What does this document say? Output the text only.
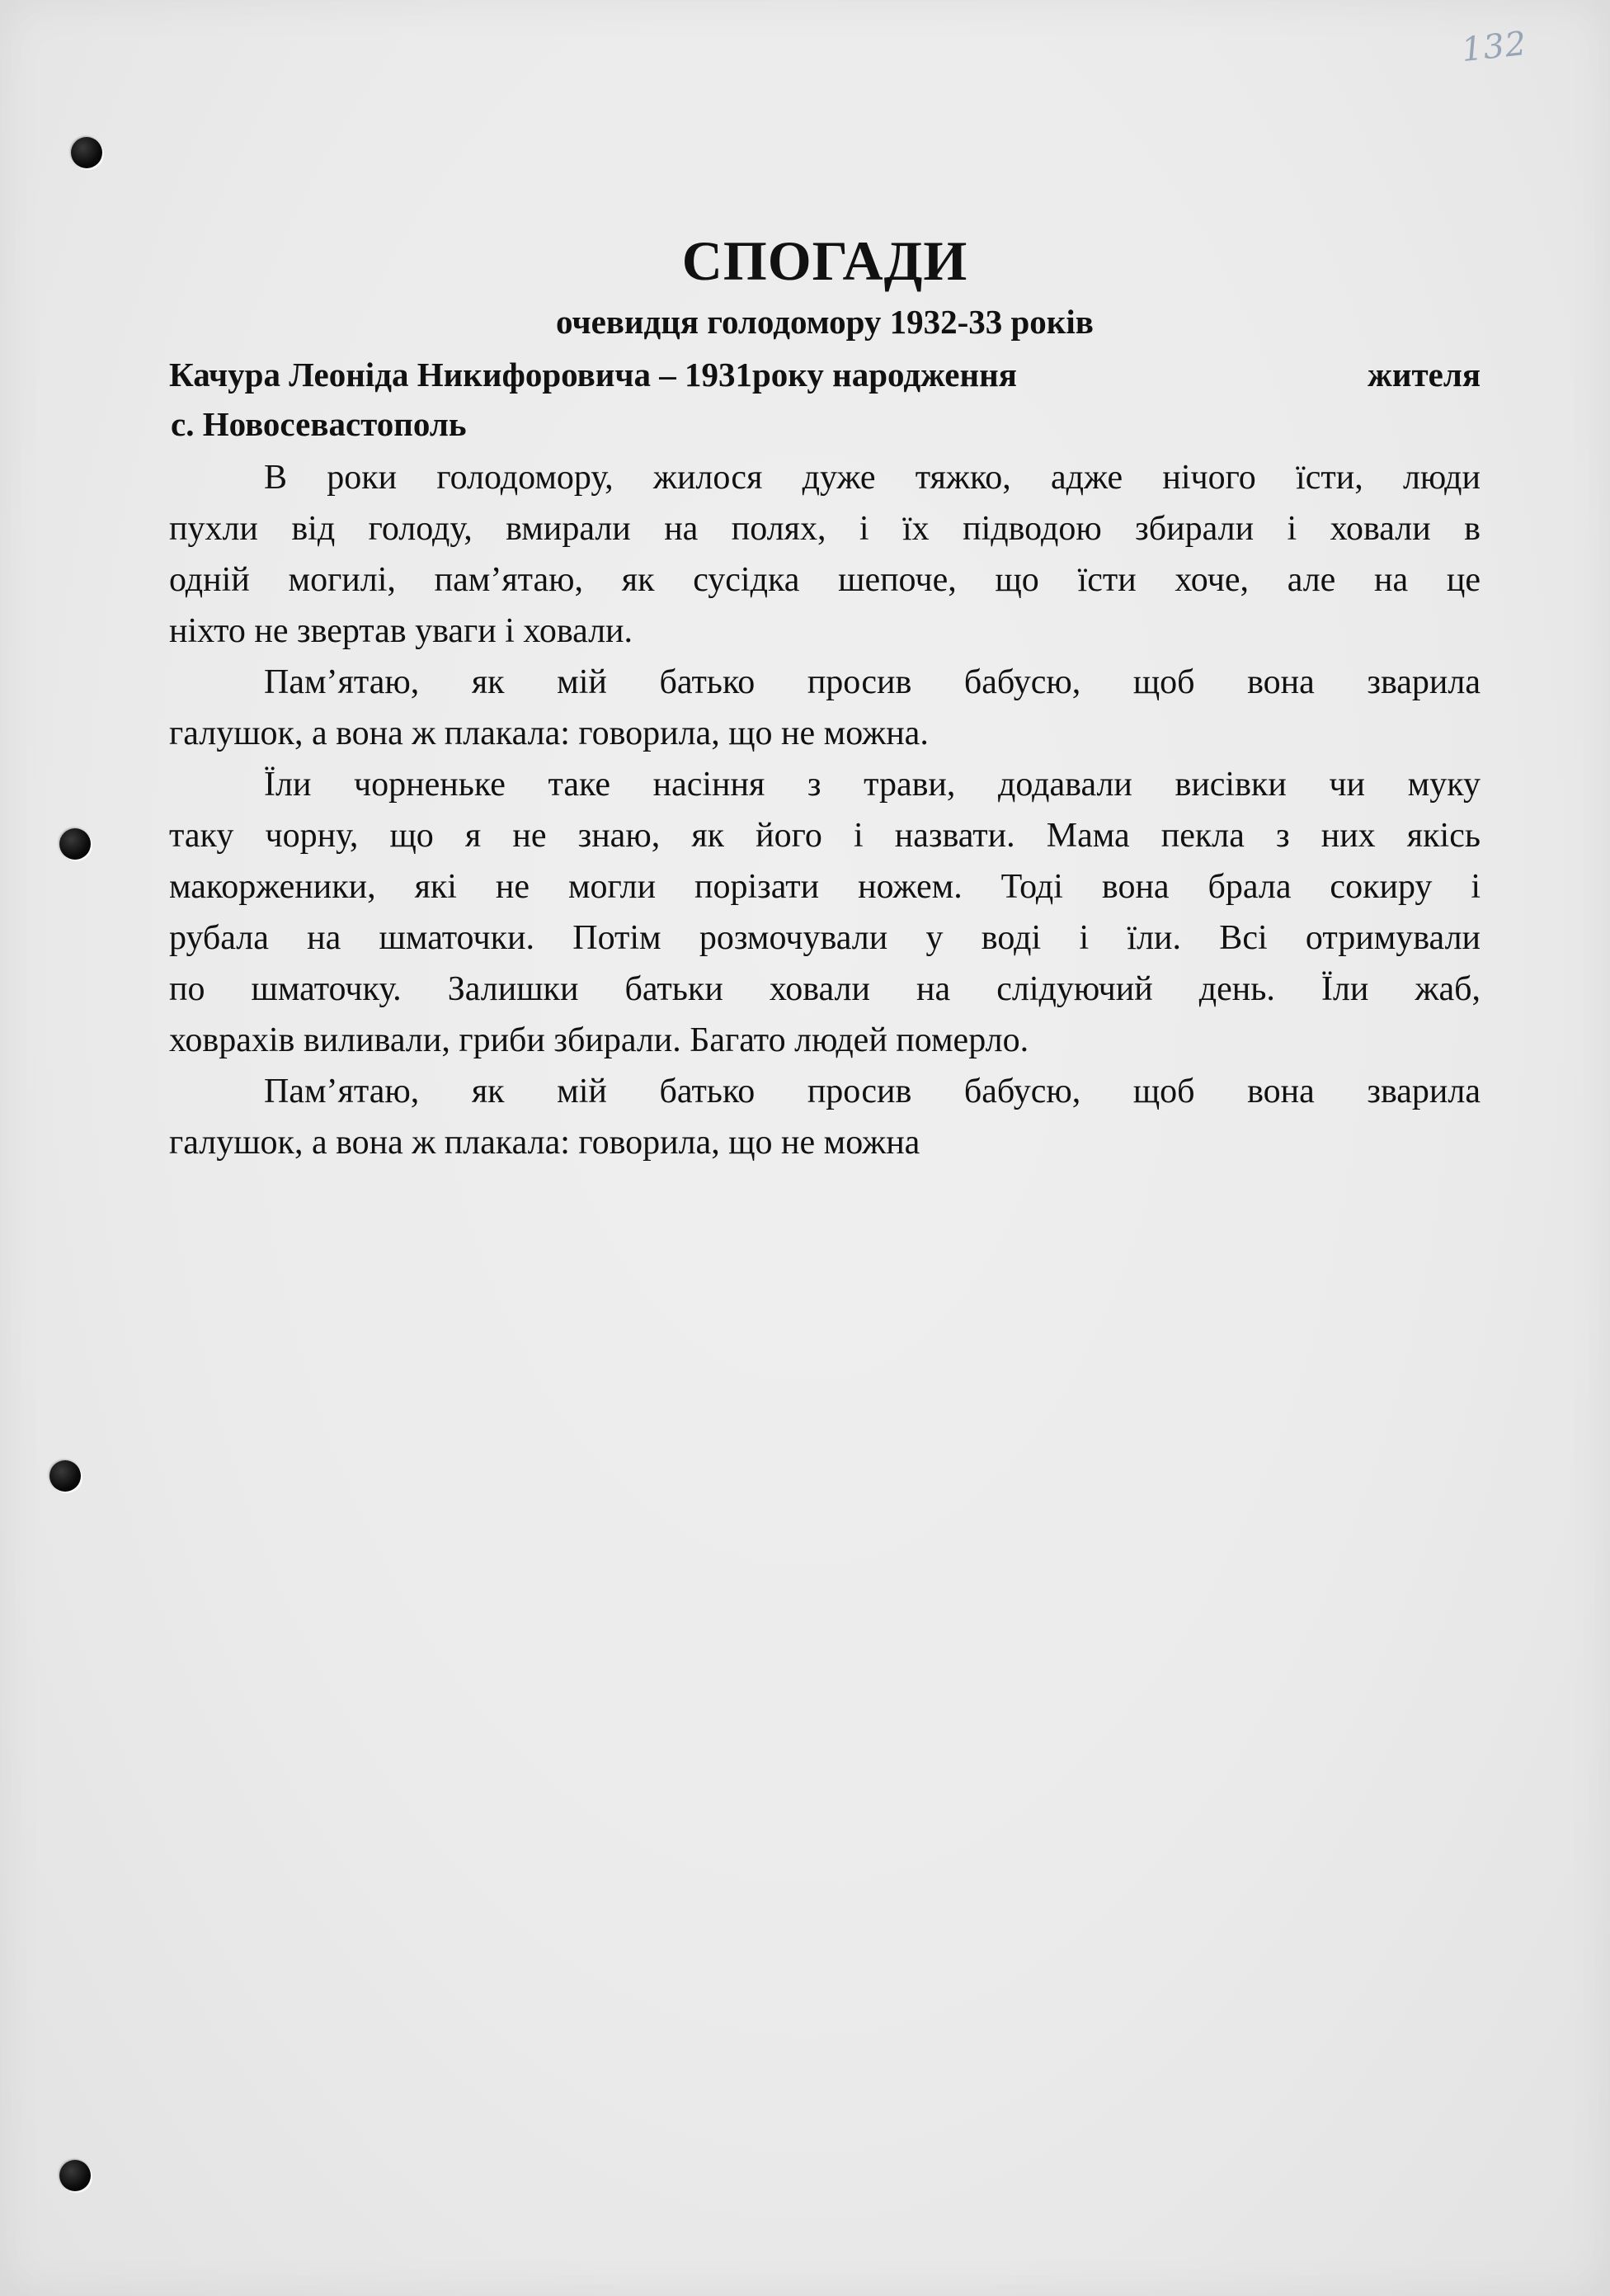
132
СПОГАДИ
очевидця голодомору 1932-33 років
Качура Леоніда Никифоровича – 1931року народження	жителя
с. Новосевастополь
В роки голодомору, жилося дуже тяжко, адже нічого їсти, люди
пухли від голоду, вмирали на полях, і їх підводою збирали і ховали в
одній могилі, пам’ятаю, як сусідка шепоче, що їсти хоче, але на це
ніхто не звертав уваги і ховали.
Пам’ятаю, як мій батько просив бабусю, щоб вона зварила
галушок, а вона ж плакала: говорила, що не можна.
Їли чорненьке таке насіння з трави, додавали висівки чи муку
таку чорну, що я не знаю, як його і назвати. Мама пекла з них якісь
макорженики, які не могли порізати ножем. Тоді вона брала сокиру і
рубала на шматочки. Потім розмочували у воді і їли. Всі отримували
по шматочку. Залишки батьки ховали на слідуючий день. Їли жаб,
ховрахів виливали, гриби збирали. Багато людей померло.
Пам’ятаю, як мій батько просив бабусю, щоб вона зварила
галушок, а вона ж плакала: говорила, що не можна
